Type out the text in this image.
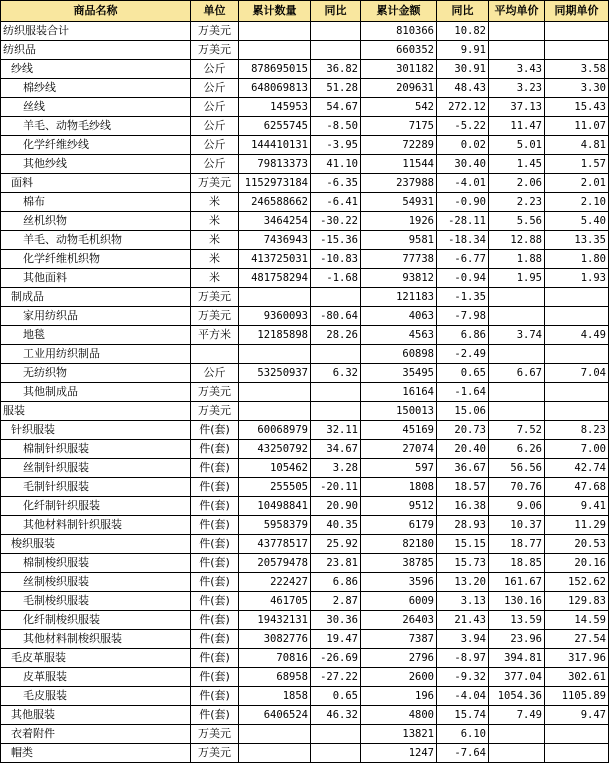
商品名称	单位	累计数量	同比	累计金额	同比	平均单价	同期单价
纺织服装合计	万美元			810366	10.82		
纺织品	万美元			660352	9.91		
纱线	公斤	878695015	36.82	301182	30.91	3.43	3.58
棉纱线	公斤	648069813	51.28	209631	48.43	3.23	3.30
丝线	公斤	145953	54.67	542	272.12	37.13	15.43
羊毛、动物毛纱线	公斤	6255745	-8.50	7175	-5.22	11.47	11.07
化学纤维纱线	公斤	144410131	-3.95	72289	0.02	5.01	4.81
其他纱线	公斤	79813373	41.10	11544	30.40	1.45	1.57
面料	万美元	1152973184	-6.35	237988	-4.01	2.06	2.01
棉布	米	246588662	-6.41	54931	-0.90	2.23	2.10
丝机织物	米	3464254	-30.22	1926	-28.11	5.56	5.40
羊毛、动物毛机织物	米	7436943	-15.36	9581	-18.34	12.88	13.35
化学纤维机织物	米	413725031	-10.83	77738	-6.77	1.88	1.80
其他面料	米	481758294	-1.68	93812	-0.94	1.95	1.93
制成品	万美元			121183	-1.35		
家用纺织品	万美元	9360093	-80.64	4063	-7.98		
地毯	平方米	12185898	28.26	4563	6.86	3.74	4.49
工业用纺织制品				60898	-2.49		
无纺织物	公斤	53250937	6.32	35495	0.65	6.67	7.04
其他制成品	万美元			16164	-1.64		
服装	万美元			150013	15.06		
针织服装	件(套)	60068979	32.11	45169	20.73	7.52	8.23
棉制针织服装	件(套)	43250792	34.67	27074	20.40	6.26	7.00
丝制针织服装	件(套)	105462	3.28	597	36.67	56.56	42.74
毛制针织服装	件(套)	255505	-20.11	1808	18.57	70.76	47.68
化纤制针织服装	件(套)	10498841	20.90	9512	16.38	9.06	9.41
其他材料制针织服装	件(套)	5958379	40.35	6179	28.93	10.37	11.29
梭织服装	件(套)	43778517	25.92	82180	15.15	18.77	20.53
棉制梭织服装	件(套)	20579478	23.81	38785	15.73	18.85	20.16
丝制梭织服装	件(套)	222427	6.86	3596	13.20	161.67	152.62
毛制梭织服装	件(套)	461705	2.87	6009	3.13	130.16	129.83
化纤制梭织服装	件(套)	19432131	30.36	26403	21.43	13.59	14.59
其他材料制梭织服装	件(套)	3082776	19.47	7387	3.94	23.96	27.54
毛皮革服装	件(套)	70816	-26.69	2796	-8.97	394.81	317.96
皮革服装	件(套)	68958	-27.22	2600	-9.32	377.04	302.61
毛皮服装	件(套)	1858	0.65	196	-4.04	1054.36	1105.89
其他服装	件(套)	6406524	46.32	4800	15.74	7.49	9.47
衣着附件	万美元			13821	6.10		
帽类	万美元			1247	-7.64		
